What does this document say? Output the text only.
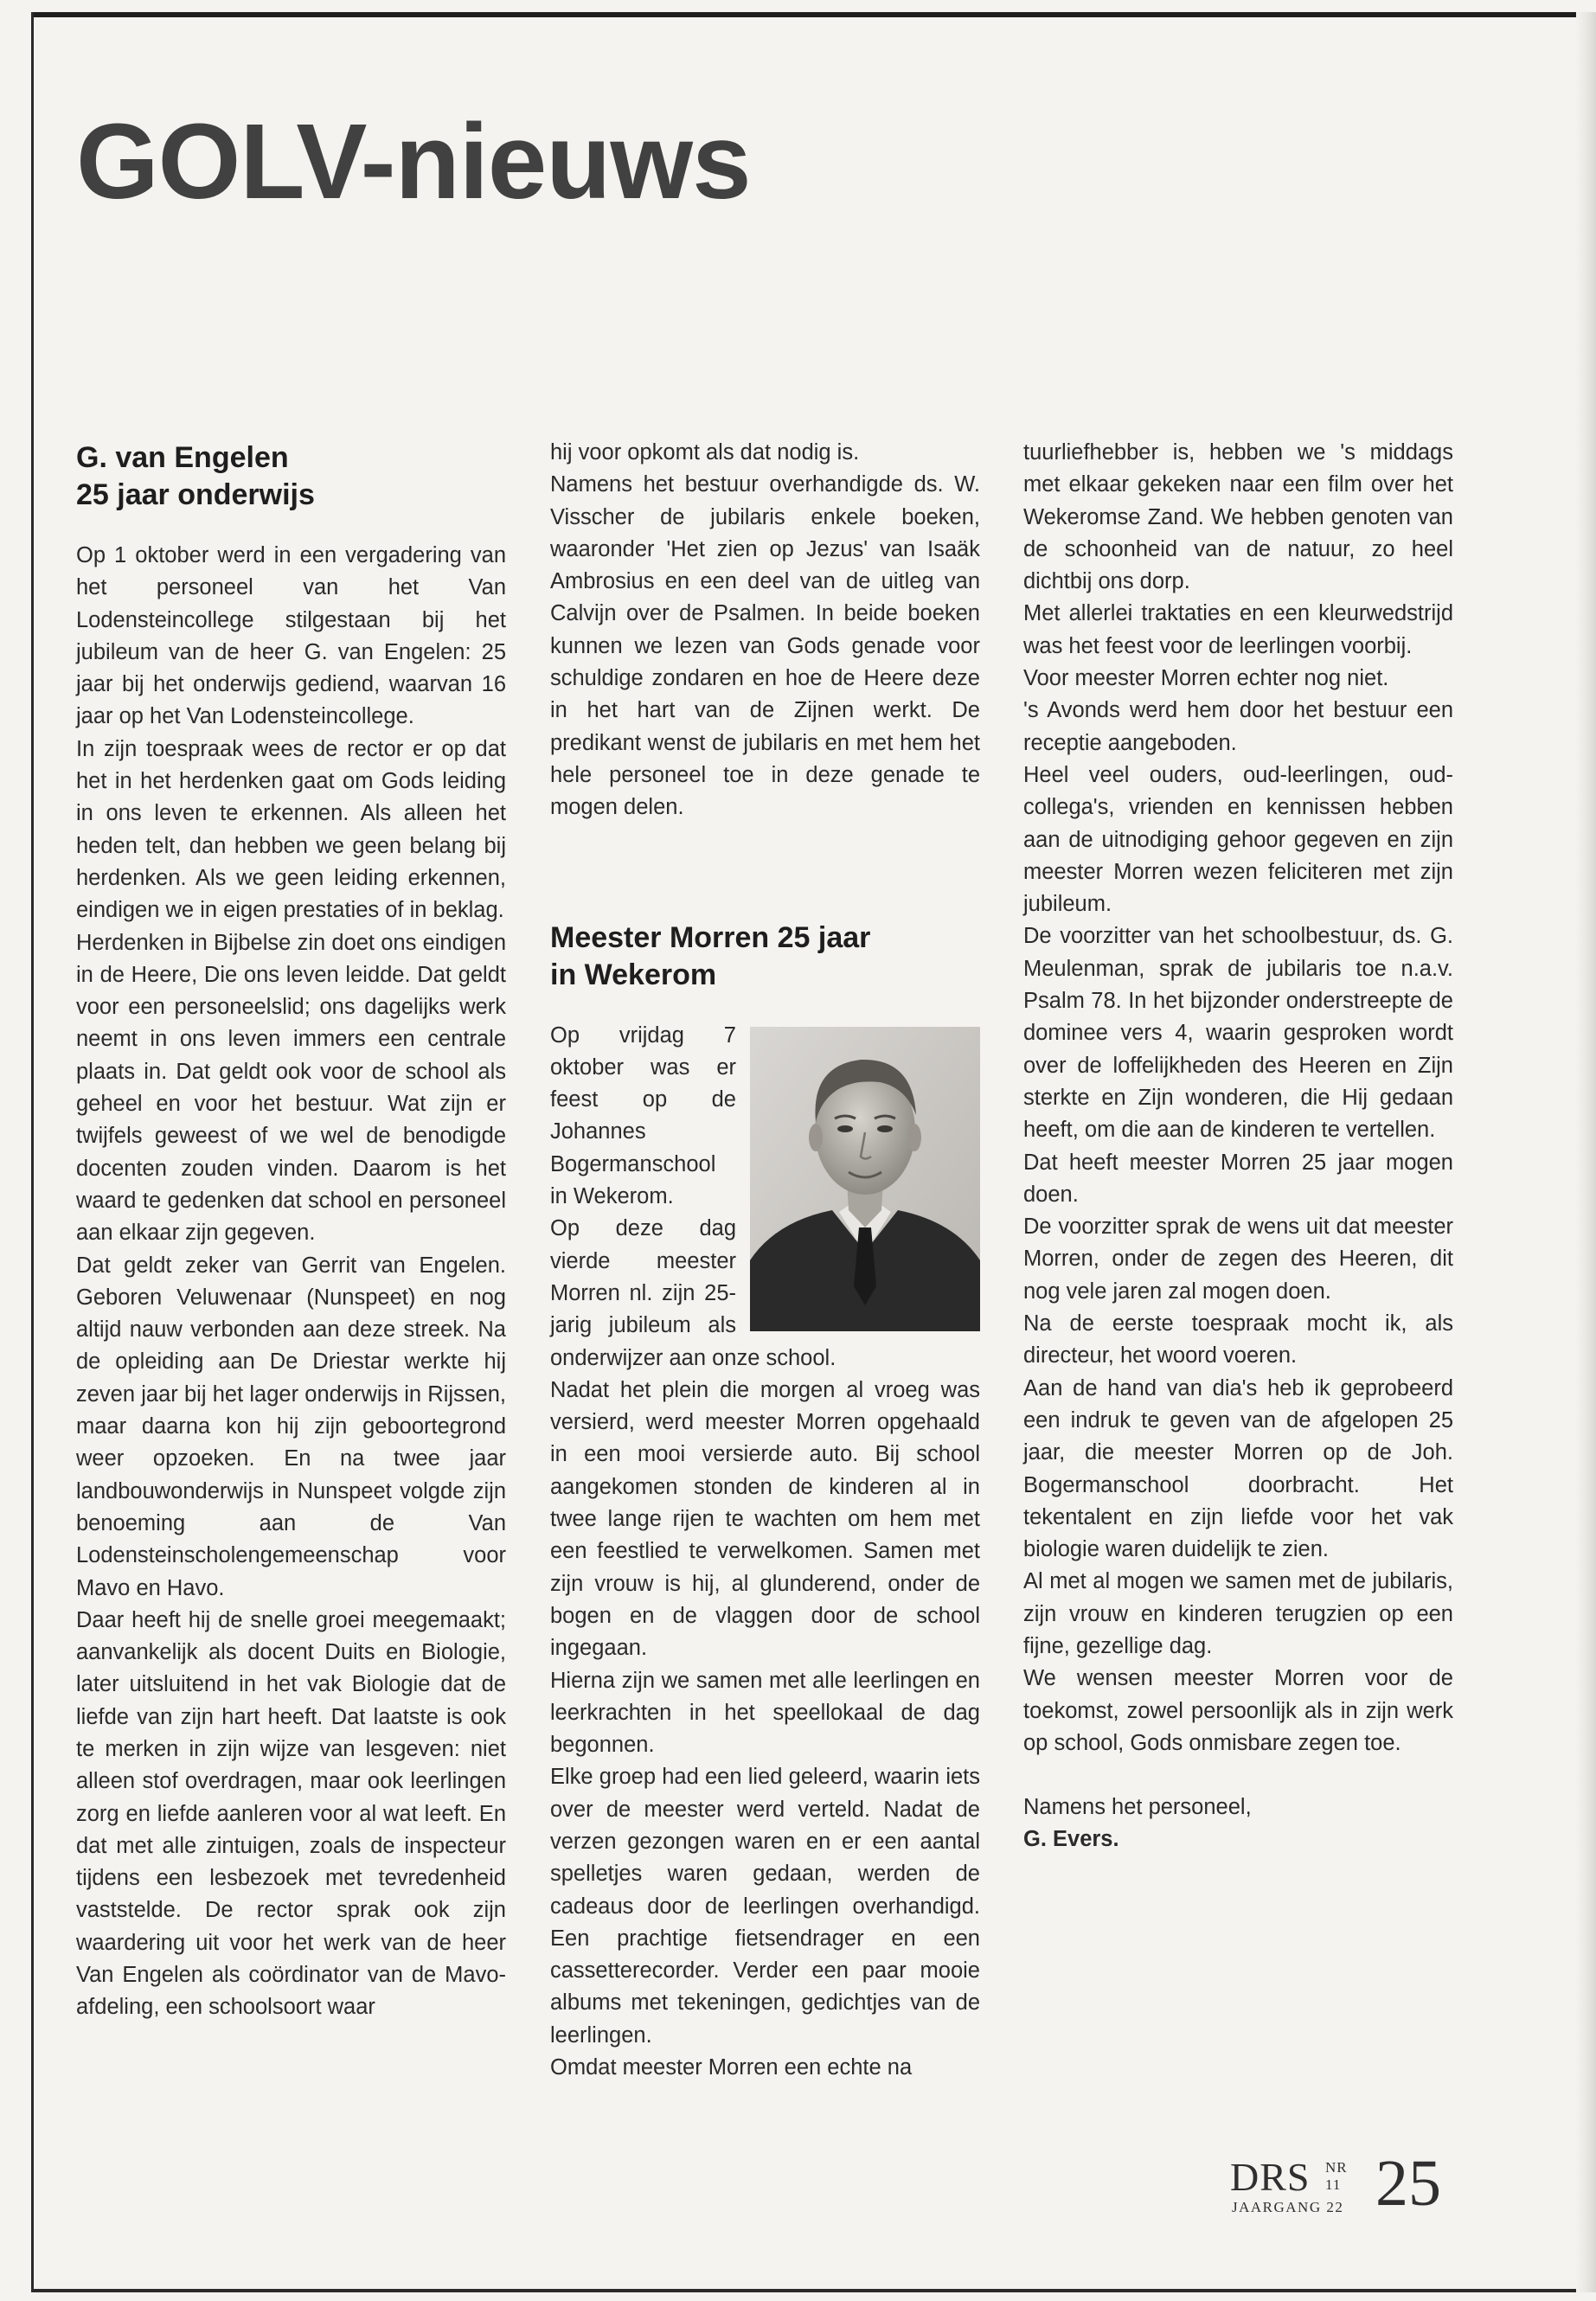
GOLV-nieuws
G. van Engelen
25 jaar onderwijs

Op 1 oktober werd in een vergadering van het personeel van het Van Lodensteincollege stilgestaan bij het jubileum van de heer G. van Engelen: 25 jaar bij het onderwijs gediend, waarvan 16 jaar op het Van Lodensteincollege.

In zijn toespraak wees de rector er op dat het in het herdenken gaat om Gods leiding in ons leven te erkennen. Als alleen het heden telt, dan hebben we geen belang bij herdenken. Als we geen leiding erkennen, eindigen we in eigen prestaties of in beklag.

Herdenken in Bijbelse zin doet ons eindigen in de Heere, Die ons leven leidde. Dat geldt voor een personeelslid; ons dagelijks werk neemt in ons leven immers een centrale plaats in. Dat geldt ook voor de school als geheel en voor het bestuur. Wat zijn er twijfels geweest of we wel de benodigde docenten zouden vinden. Daarom is het waard te gedenken dat school en personeel aan elkaar zijn gegeven.

Dat geldt zeker van Gerrit van Engelen. Geboren Veluwenaar (Nunspeet) en nog altijd nauw verbonden aan deze streek. Na de opleiding aan De Driestar werkte hij zeven jaar bij het lager onderwijs in Rijssen, maar daarna kon hij zijn geboortegrond weer opzoeken. En na twee jaar landbouwonderwijs in Nunspeet volgde zijn benoeming aan de Van Lodensteinscholengemeenschap voor Mavo en Havo.

Daar heeft hij de snelle groei meegemaakt; aanvankelijk als docent Duits en Biologie, later uitsluitend in het vak Biologie dat de liefde van zijn hart heeft. Dat laatste is ook te merken in zijn wijze van lesgeven: niet alleen stof overdragen, maar ook leerlingen zorg en liefde aanleren voor al wat leeft. En dat met alle zintuigen, zoals de inspecteur tijdens een lesbezoek met tevredenheid vaststelde. De rector sprak ook zijn waardering uit voor het werk van de heer Van Engelen als coördinator van de Mavo-afdeling, een schoolsoort waar

hij voor opkomt als dat nodig is.

Namens het bestuur overhandigde ds. W. Visscher de jubilaris enkele boeken, waaronder 'Het zien op Jezus' van Isaäk Ambrosius en een deel van de uitleg van Calvijn over de Psalmen. In beide boeken kunnen we lezen van Gods genade voor schuldige zondaren en hoe de Heere deze in het hart van de Zijnen werkt. De predikant wenst de jubilaris en met hem het hele personeel toe in deze genade te mogen delen.

Meester Morren 25 jaar
in Wekerom

Op vrijdag 7 oktober was er feest op de Johannes Bogermanschool in Wekerom.

Op deze dag vierde meester Morren nl. zijn 25-jarig jubileum als onderwijzer aan onze school.

Nadat het plein die morgen al vroeg was versierd, werd meester Morren opgehaald in een mooi versierde auto. Bij school aangekomen stonden de kinderen al in twee lange rijen te wachten om hem met een feestlied te verwelkomen. Samen met zijn vrouw is hij, al glunderend, onder de bogen en de vlaggen door de school ingegaan.

Hierna zijn we samen met alle leerlingen en leerkrachten in het speellokaal de dag begonnen.

Elke groep had een lied geleerd, waarin iets over de meester werd verteld. Nadat de verzen gezongen waren en er een aantal spelletjes waren gedaan, werden de cadeaus door de leerlingen overhandigd. Een prachtige fietsendrager en een cassetterecorder. Verder een paar mooie albums met tekeningen, gedichtjes van de leerlingen.

Omdat meester Morren een echte na

tuurliefhebber is, hebben we 's middags met elkaar gekeken naar een film over het Wekeromse Zand. We hebben genoten van de schoonheid van de natuur, zo heel dichtbij ons dorp.

Met allerlei traktaties en een kleurwedstrijd was het feest voor de leerlingen voorbij.

Voor meester Morren echter nog niet.

's Avonds werd hem door het bestuur een receptie aangeboden.

Heel veel ouders, oud-leerlingen, oud-collega's, vrienden en kennissen hebben aan de uitnodiging gehoor gegeven en zijn meester Morren wezen feliciteren met zijn jubileum.

De voorzitter van het schoolbestuur, ds. G. Meulenman, sprak de jubilaris toe n.a.v. Psalm 78. In het bijzonder onderstreepte de dominee vers 4, waarin gesproken wordt over de loffelijkheden des Heeren en Zijn sterkte en Zijn wonderen, die Hij gedaan heeft, om die aan de kinderen te vertellen.

Dat heeft meester Morren 25 jaar mogen doen.

De voorzitter sprak de wens uit dat meester Morren, onder de zegen des Heeren, dit nog vele jaren zal mogen doen.

Na de eerste toespraak mocht ik, als directeur, het woord voeren.

Aan de hand van dia's heb ik geprobeerd een indruk te geven van de afgelopen 25 jaar, die meester Morren op de Joh. Bogermanschool doorbracht. Het tekentalent en zijn liefde voor het vak biologie waren duidelijk te zien.

Al met al mogen we samen met de jubilaris, zijn vrouw en kinderen terugzien op een fijne, gezellige dag.

We wensen meester Morren voor de toekomst, zowel persoonlijk als in zijn werk op school, Gods onmisbare zegen toe.

Namens het personeel,
G. Evers.

DRS NR 11
JAARGANG 22 25
